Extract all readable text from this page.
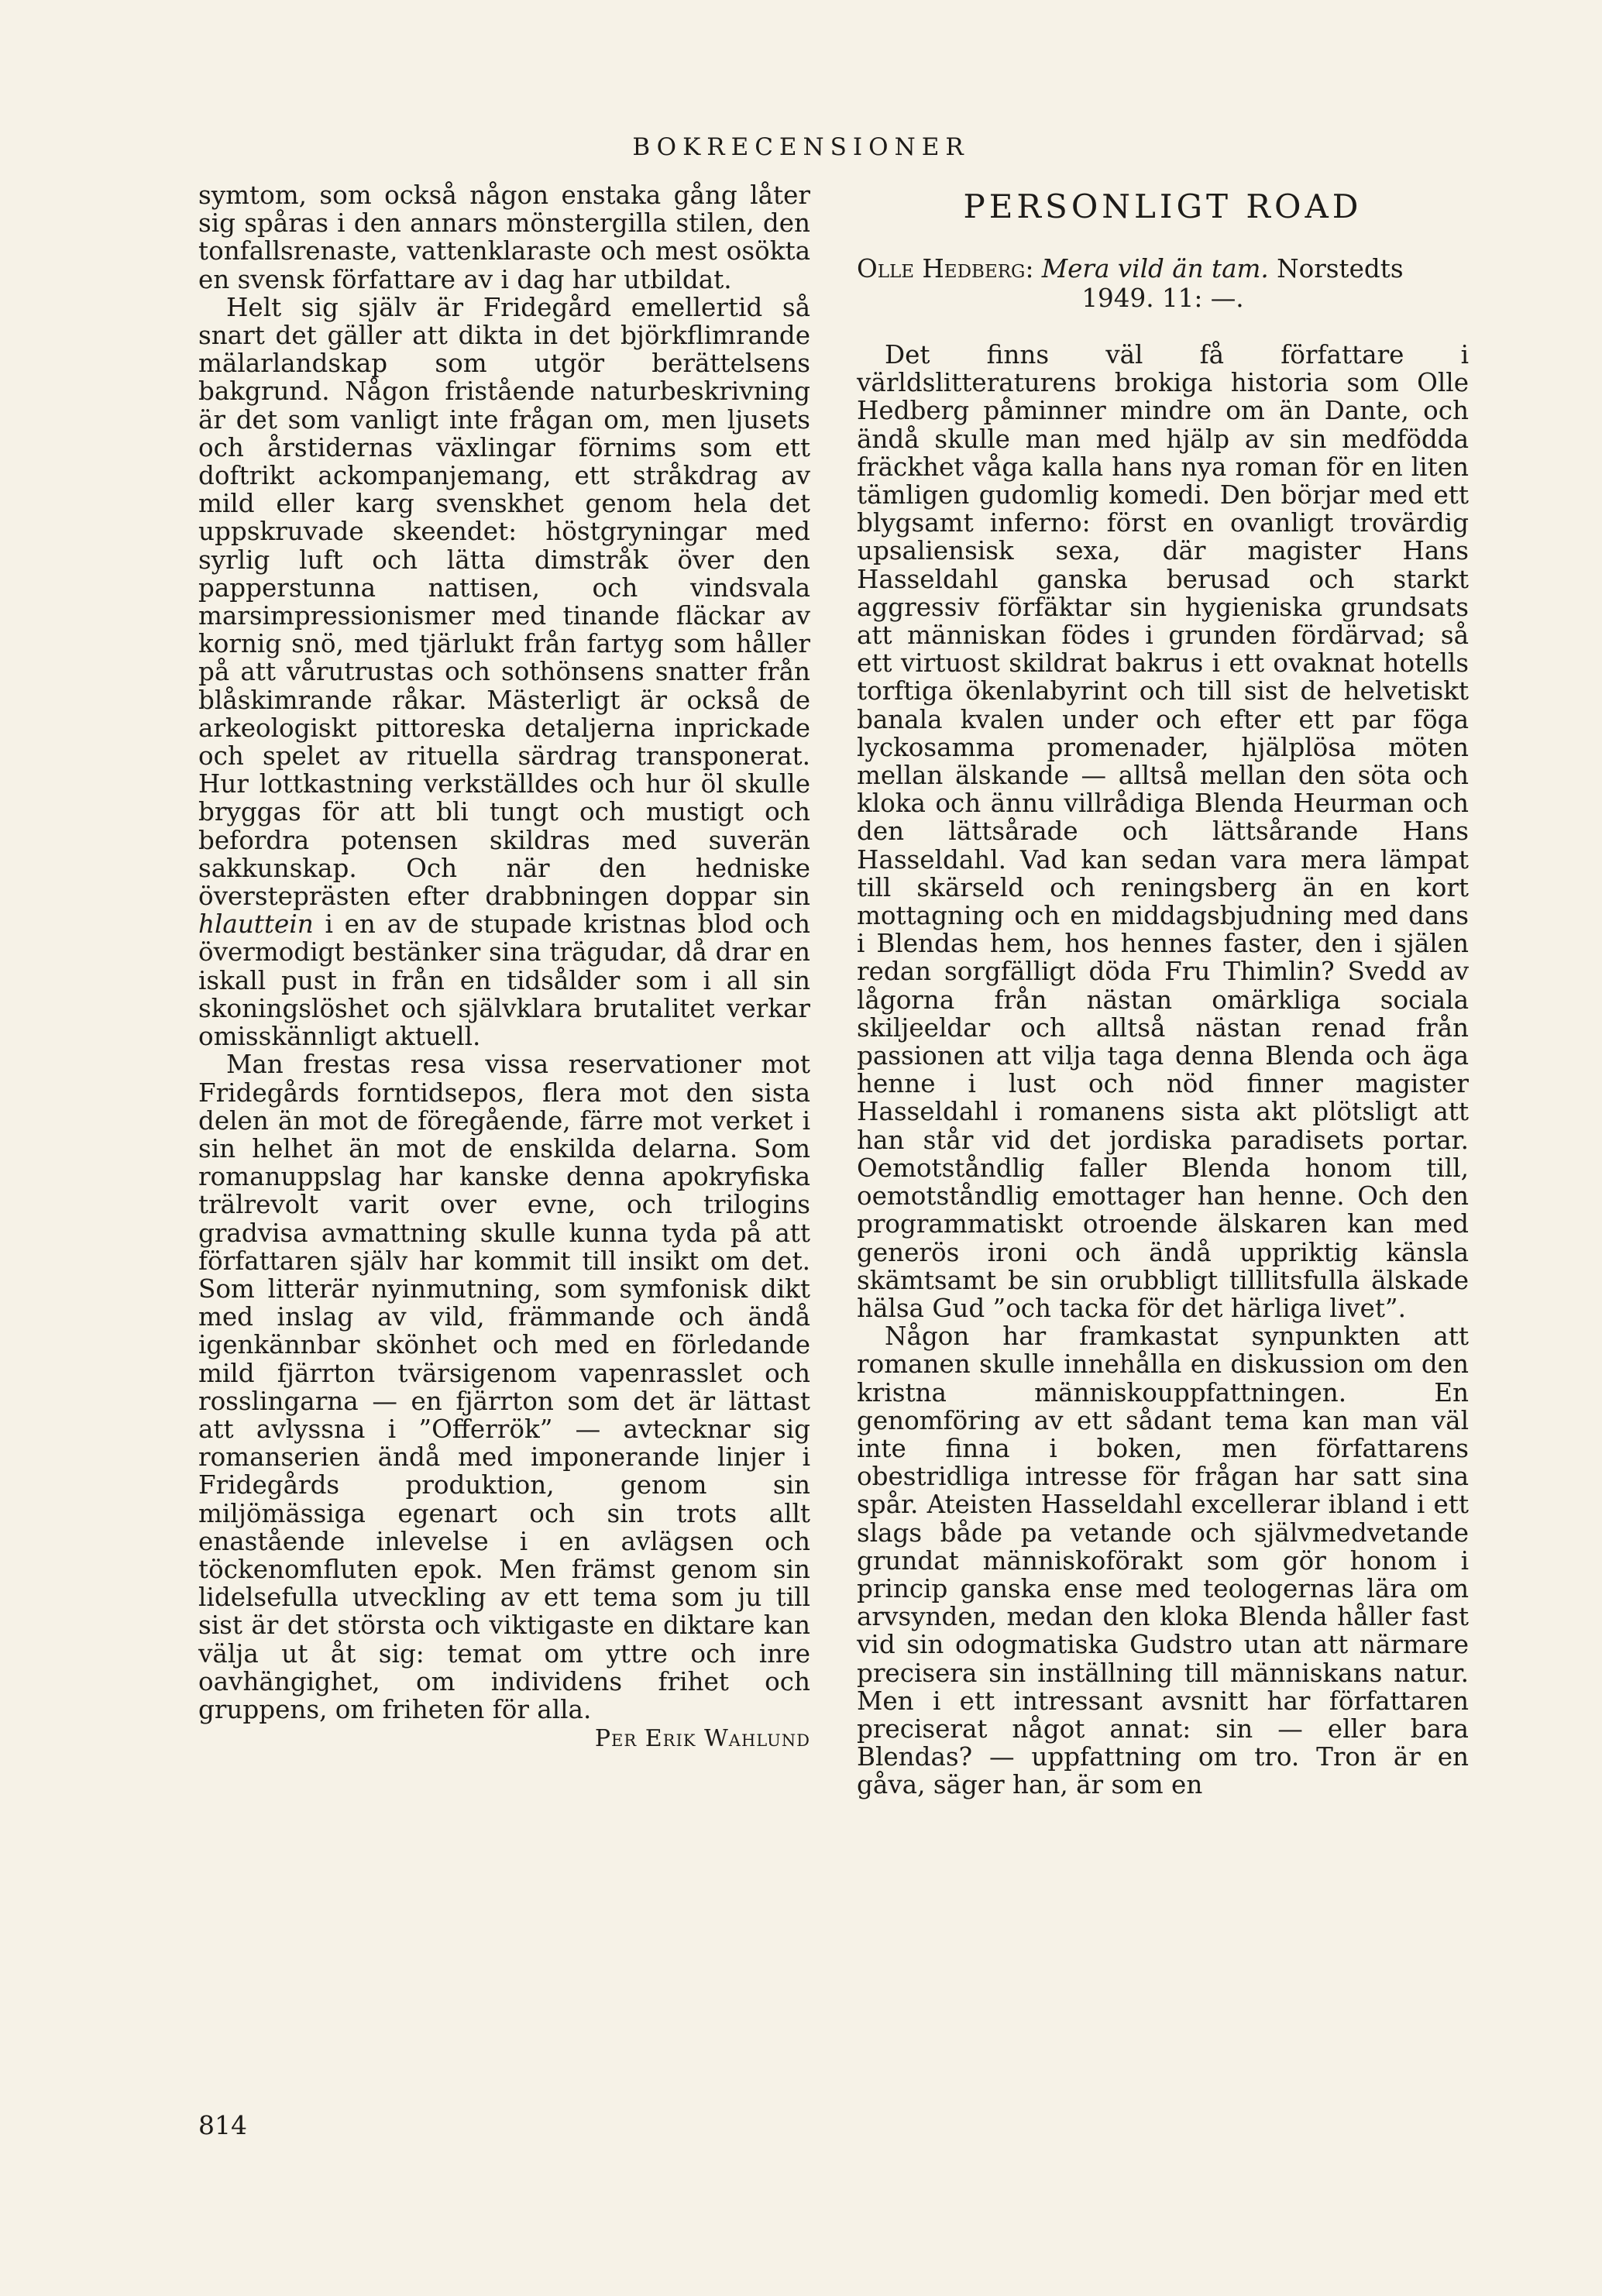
BOKRECENSIONER

symtom, som också någon enstaka gång låter sig spåras i den annars mönstergilla stilen, den tonfallsrenaste, vattenklaraste och mest osökta en svensk författare av i dag har utbildat.

Helt sig själv är Fridegård emellertid så snart det gäller att dikta in det björkflimrande mälarlandskap som utgör berättelsens bakgrund. Någon fristående naturbeskrivning är det som vanligt inte frågan om, men ljusets och årstidernas växlingar förnims som ett doftrikt ackompanjemang, ett stråkdrag av mild eller karg svenskhet genom hela det uppskruvade skeendet: höstgryningar med syrlig luft och lätta dimstråk över den papperstunna nattisen, och vindsvala marsimpressionismer med tinande fläckar av kornig snö, med tjärlukt från fartyg som håller på att vårutrustas och sothönsens snatter från blåskimrande råkar. Mästerligt är också de arkeologiskt pittoreska detaljerna inprickade och spelet av rituella särdrag transponerat. Hur lottkastning verkställdes och hur öl skulle bryggas för att bli tungt och mustigt och befordra potensen skildras med suverän sakkunskap. Och när den hedniske översteprästen efter drabbningen doppar sin hlauttein i en av de stupade kristnas blod och övermodigt bestänker sina trägudar, då drar en iskall pust in från en tidsålder som i all sin skoningslöshet och självklara brutalitet verkar omisskännligt aktuell.

Man frestas resa vissa reservationer mot Fridegårds forntidsepos, flera mot den sista delen än mot de föregående, färre mot verket i sin helhet än mot de enskilda delarna. Som romanuppslag har kanske denna apokryfiska trälrevolt varit over evne, och trilogins gradvisa avmattning skulle kunna tyda på att författaren själv har kommit till insikt om det. Som litterär nyinmutning, som symfonisk dikt med inslag av vild, främmande och ändå igenkännbar skönhet och med en förledande mild fjärrton tvärsigenom vapenrasslet och rosslingarna — en fjärrton som det är lättast att avlyssna i ”Offerrök” — avtecknar sig romanserien ändå med imponerande linjer i Fridegårds produktion, genom sin miljömässiga egenart och sin trots allt enastående inlevelse i en avlägsen och töckenomfluten epok. Men främst genom sin lidelsefulla utveckling av ett tema som ju till sist är det största och viktigaste en diktare kan välja ut åt sig: temat om yttre och inre oavhängighet, om individens frihet och gruppens, om friheten för alla.

Per Erik Wahlund
PERSONLIGT ROAD
Olle Hedberg: Mera vild än tam. Norstedts
1949. 11: —.

Det finns väl få författare i världslitteraturens brokiga historia som Olle Hedberg påminner mindre om än Dante, och ändå skulle man med hjälp av sin medfödda fräckhet våga kalla hans nya roman för en liten tämligen gudomlig komedi. Den börjar med ett blygsamt inferno: först en ovanligt trovärdig upsaliensisk sexa, där magister Hans Hasseldahl ganska berusad och starkt aggressiv förfäktar sin hygieniska grundsats att människan födes i grunden fördärvad; så ett virtuost skildrat bakrus i ett ovaknat hotells torftiga ökenlabyrint och till sist de helvetiskt banala kvalen under och efter ett par föga lyckosamma promenader, hjälplösa möten mellan älskande — alltså mellan den söta och kloka och ännu villrådiga Blenda Heurman och den lättsårade och lättsårande Hans Hasseldahl. Vad kan sedan vara mera lämpat till skärseld och reningsberg än en kort mottagning och en middagsbjudning med dans i Blendas hem, hos hennes faster, den i själen redan sorgfälligt döda Fru Thimlin? Svedd av lågorna från nästan omärkliga sociala skiljeeldar och alltså nästan renad från passionen att vilja taga denna Blenda och äga henne i lust och nöd finner magister Hasseldahl i romanens sista akt plötsligt att han står vid det jordiska paradisets portar. Oemotståndlig faller Blenda honom till, oemotståndlig emottager han henne. Och den programmatiskt otroende älskaren kan med generös ironi och ändå uppriktig känsla skämtsamt be sin orubbligt tilllitsfulla älskade hälsa Gud ”och tacka för det härliga livet”.

Någon har framkastat synpunkten att romanen skulle innehålla en diskussion om den kristna människouppfattningen. En genomföring av ett sådant tema kan man väl inte finna i boken, men författarens obestridliga intresse för frågan har satt sina spår. Ateisten Hasseldahl excellerar ibland i ett slags både pa vetande och självmedvetande grundat människoförakt som gör honom i princip ganska ense med teologernas lära om arvsynden, medan den kloka Blenda håller fast vid sin odogmatiska Gudstro utan att närmare precisera sin inställning till människans natur. Men i ett intressant avsnitt har författaren preciserat något annat: sin — eller bara Blendas? — uppfattning om tro. Tron är en gåva, säger han, är som en

814
